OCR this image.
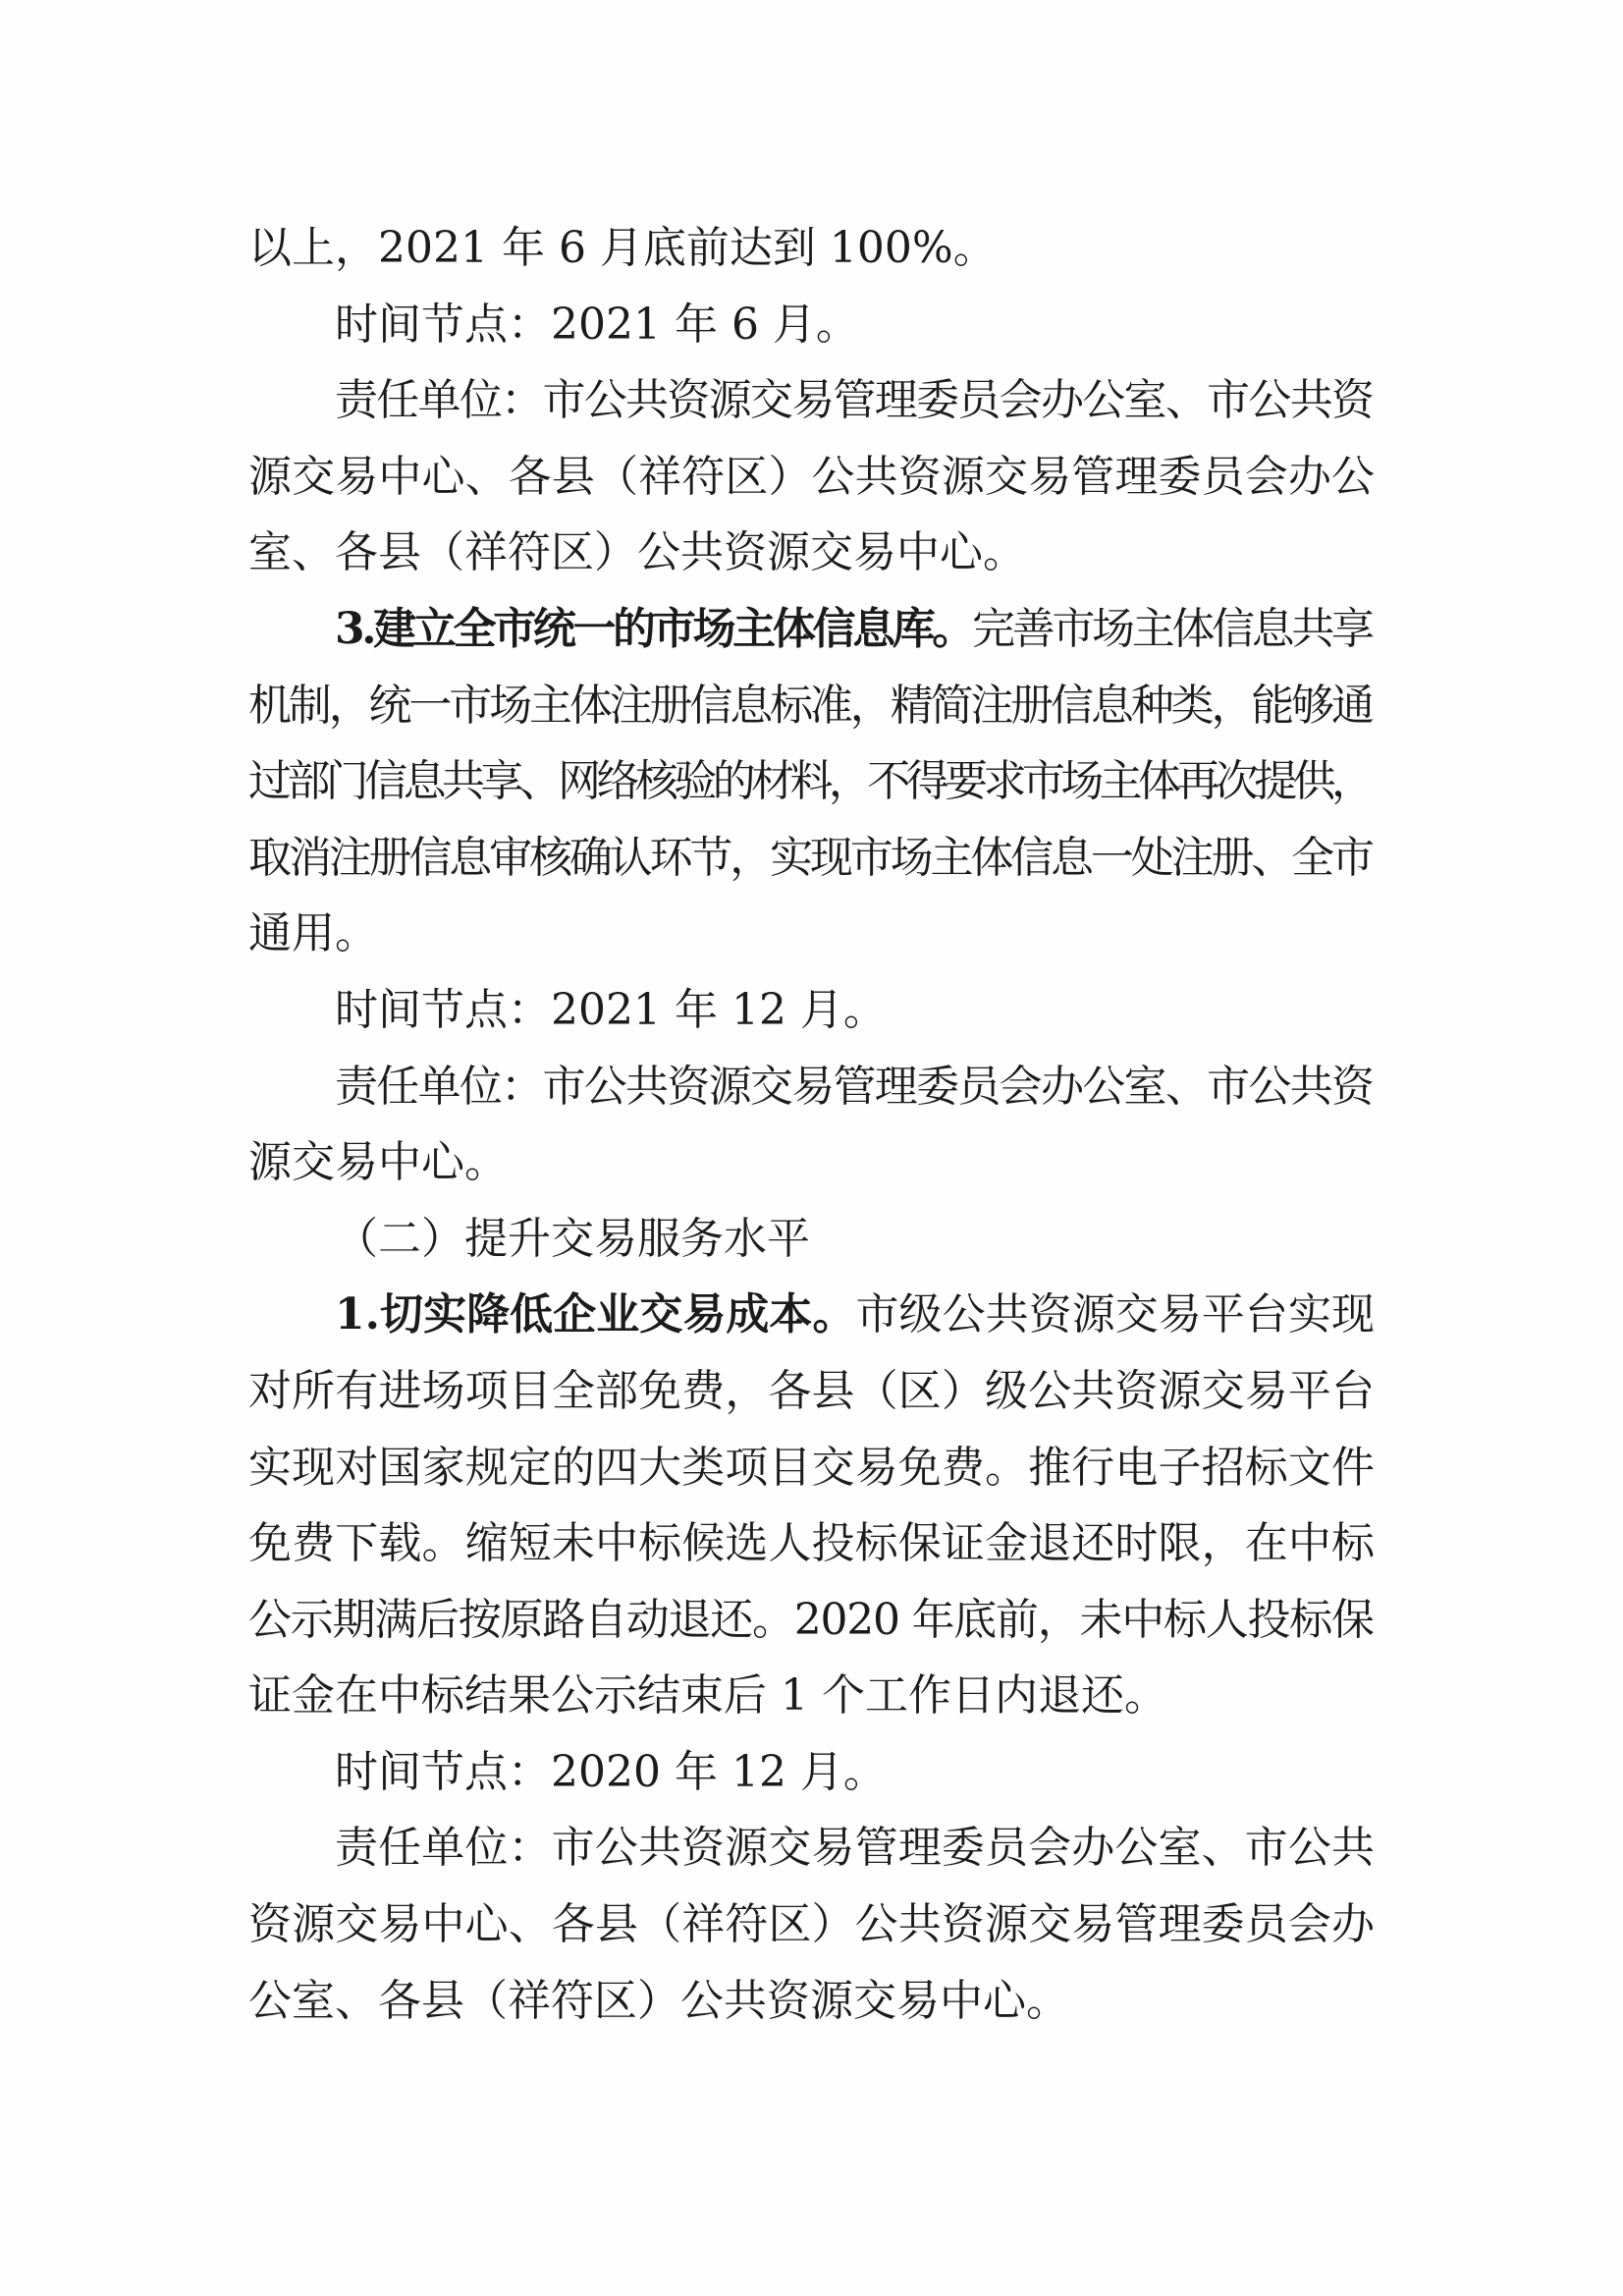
以上，2021 年 6 月底前达到 100%。
时间节点：2021 年 6 月。
责任单位：市公共资源交易管理委员会办公室、市公共资
源交易中心、各县（祥符区）公共资源交易管理委员会办公
室、各县（祥符区）公共资源交易中心。
3.建立全市统一的市场主体信息库。完善市场主体信息共享
机制，统一市场主体注册信息标准，精简注册信息种类，能够通
过部门信息共享、网络核验的材料，不得要求市场主体再次提供，
取消注册信息审核确认环节，实现市场主体信息一处注册、全市
通用。
时间节点：2021 年 12 月。
责任单位：市公共资源交易管理委员会办公室、市公共资
源交易中心。
（二）提升交易服务水平
1.切实降低企业交易成本。市级公共资源交易平台实现
对所有进场项目全部免费，各县（区）级公共资源交易平台
实现对国家规定的四大类项目交易免费。推行电子招标文件
免费下载。缩短未中标候选人投标保证金退还时限，在中标
公示期满后按原路自动退还。2020 年底前，未中标人投标保
证金在中标结果公示结束后 1 个工作日内退还。
时间节点：2020 年 12 月。
责任单位：市公共资源交易管理委员会办公室、市公共
资源交易中心、各县（祥符区）公共资源交易管理委员会办
公室、各县（祥符区）公共资源交易中心。
